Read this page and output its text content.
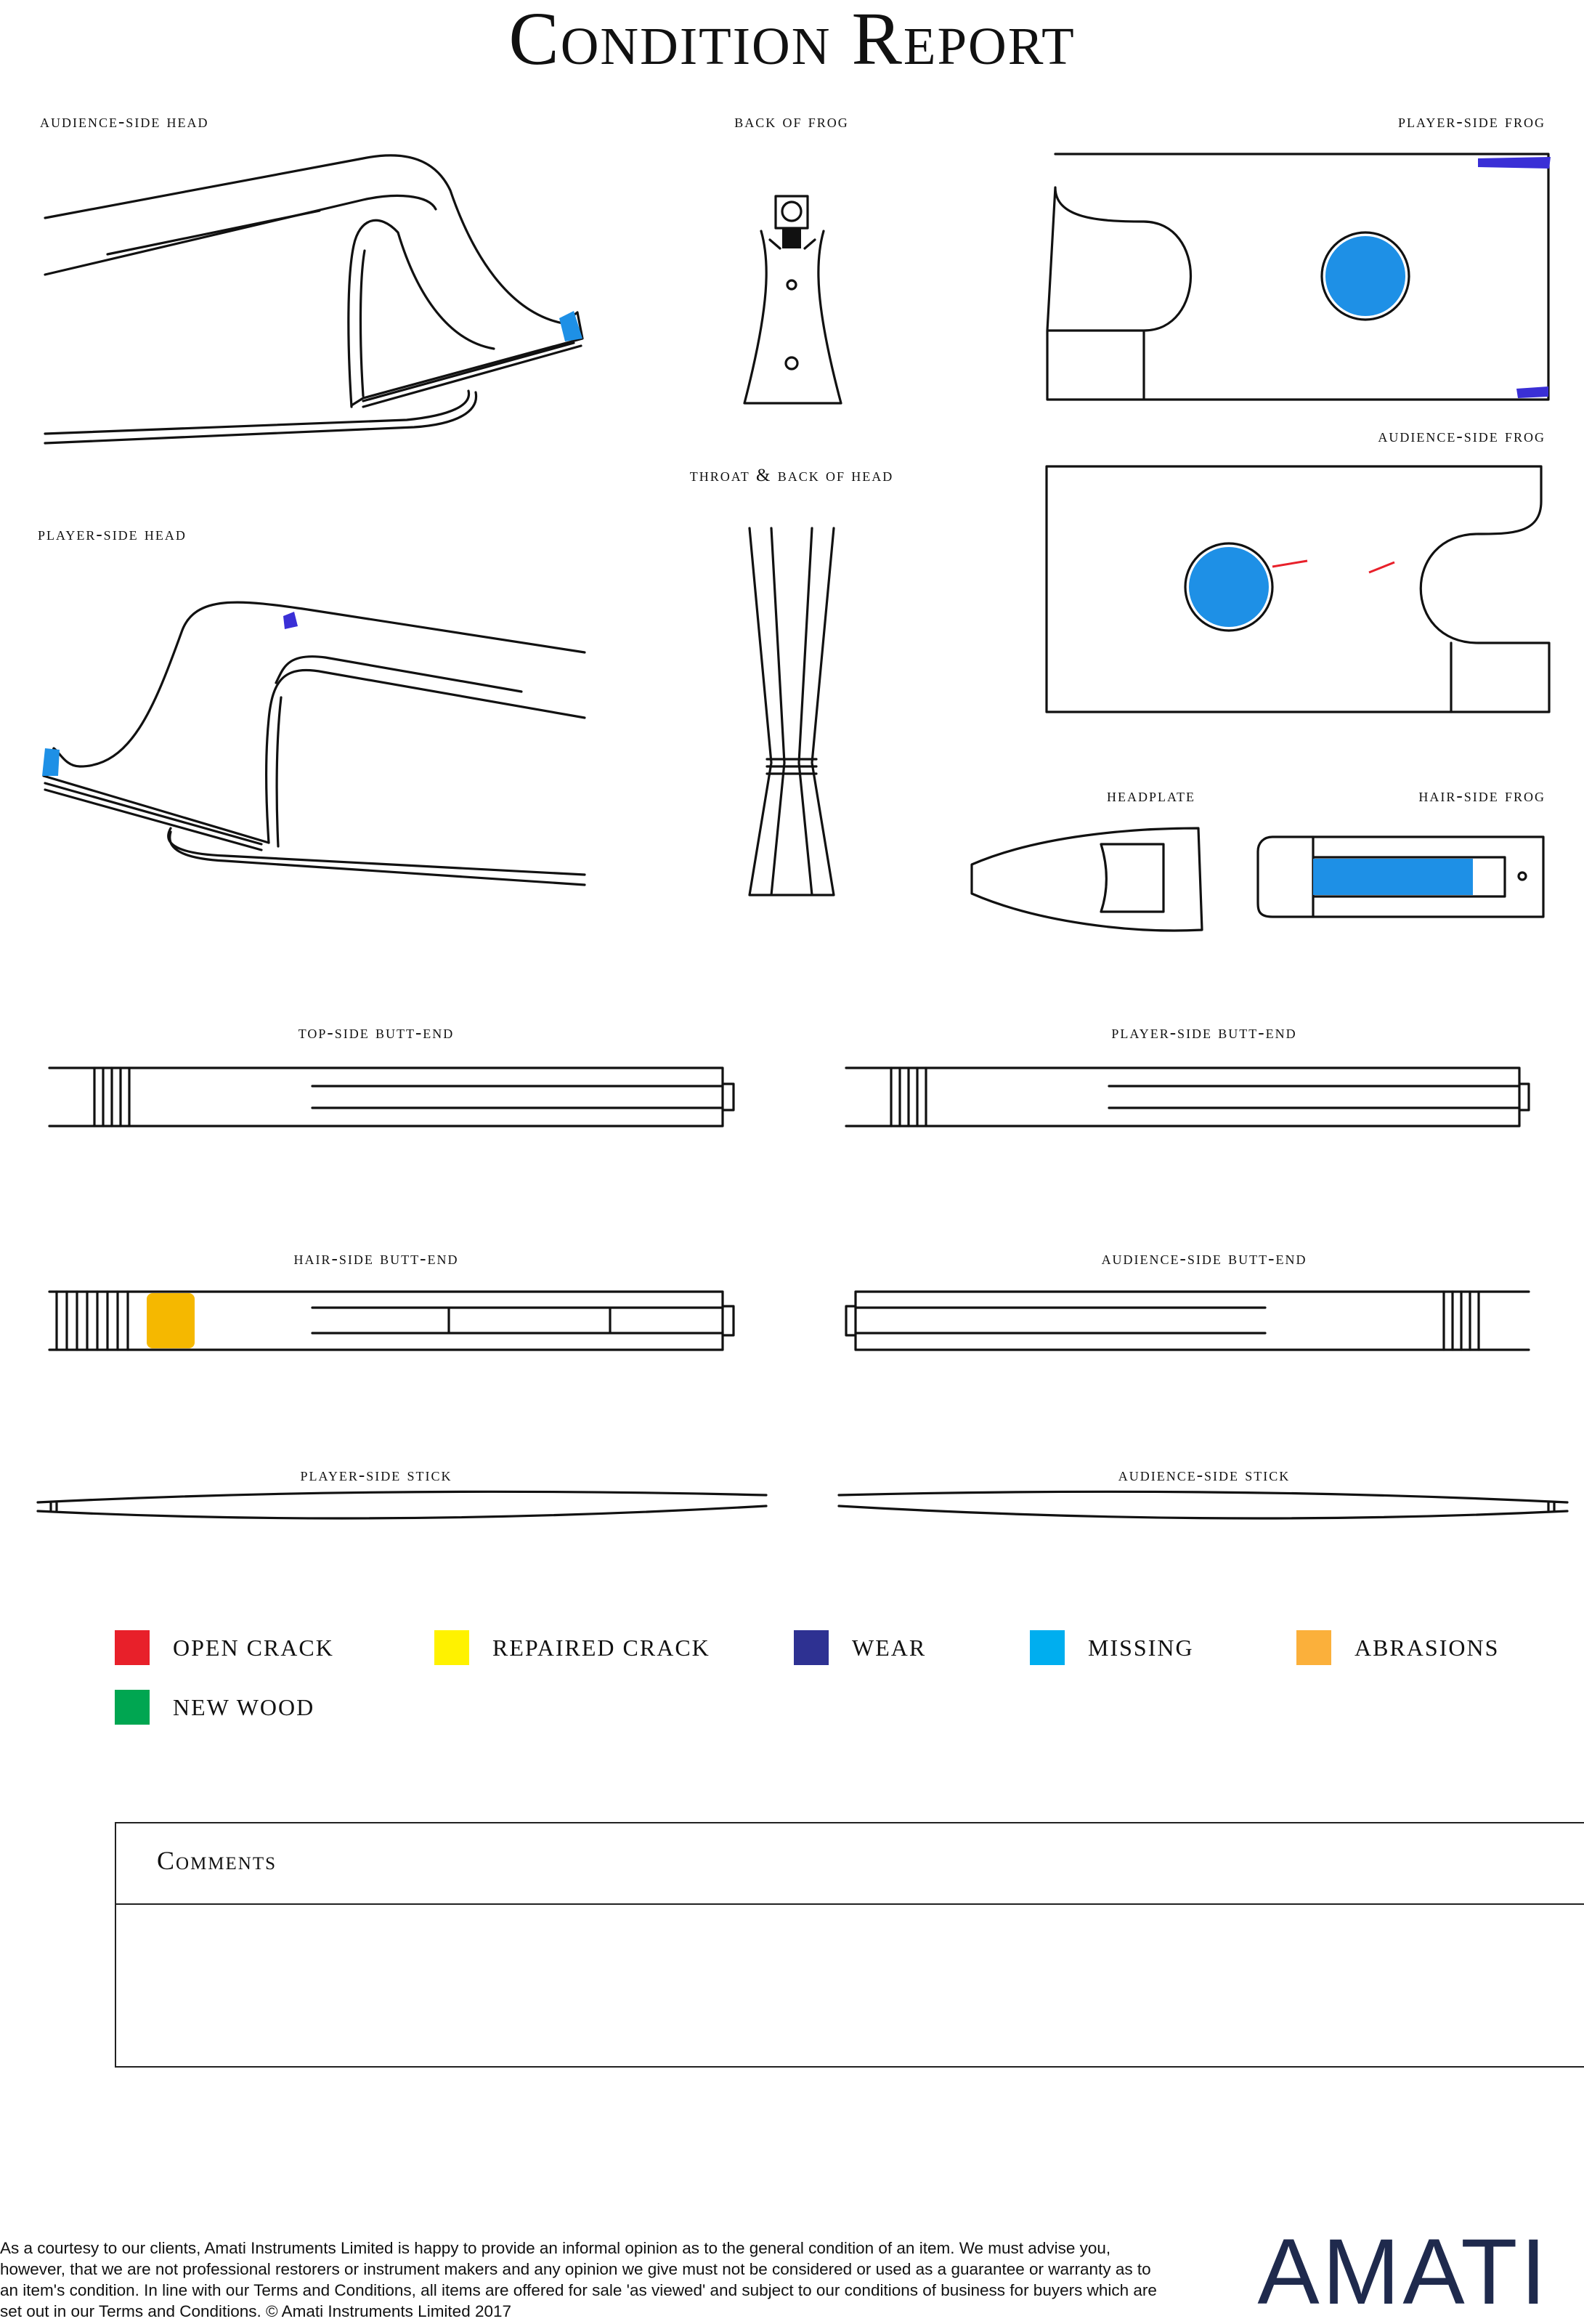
Condition Report
audience-side head	back of frog	player-side frog
audience-side frog
throat & back of head
player-side head
headplate	hair-side frog
top-side butt-end	player-side butt-end
hair-side butt-end	audience-side butt-end
player-side stick	audience-side stick
OPEN CRACK	REPAIRED CRACK	WEAR	MISSING	ABRASIONS
NEW WOOD
Comments
As a courtesy to our clients, Amati Instruments Limited is happy to provide an informal opinion as to the general condition of an item. We must advise you, however, that we are not professional restorers or instrument makers and any opinion we give must not be considered or used as a guarantee or warranty as to an item's condition. In line with our Terms and Conditions, all items are offered for sale 'as viewed' and subject to our conditions of business for buyers which are set out in our Terms and Conditions. © Amati Instruments Limited 2017	AMATI
